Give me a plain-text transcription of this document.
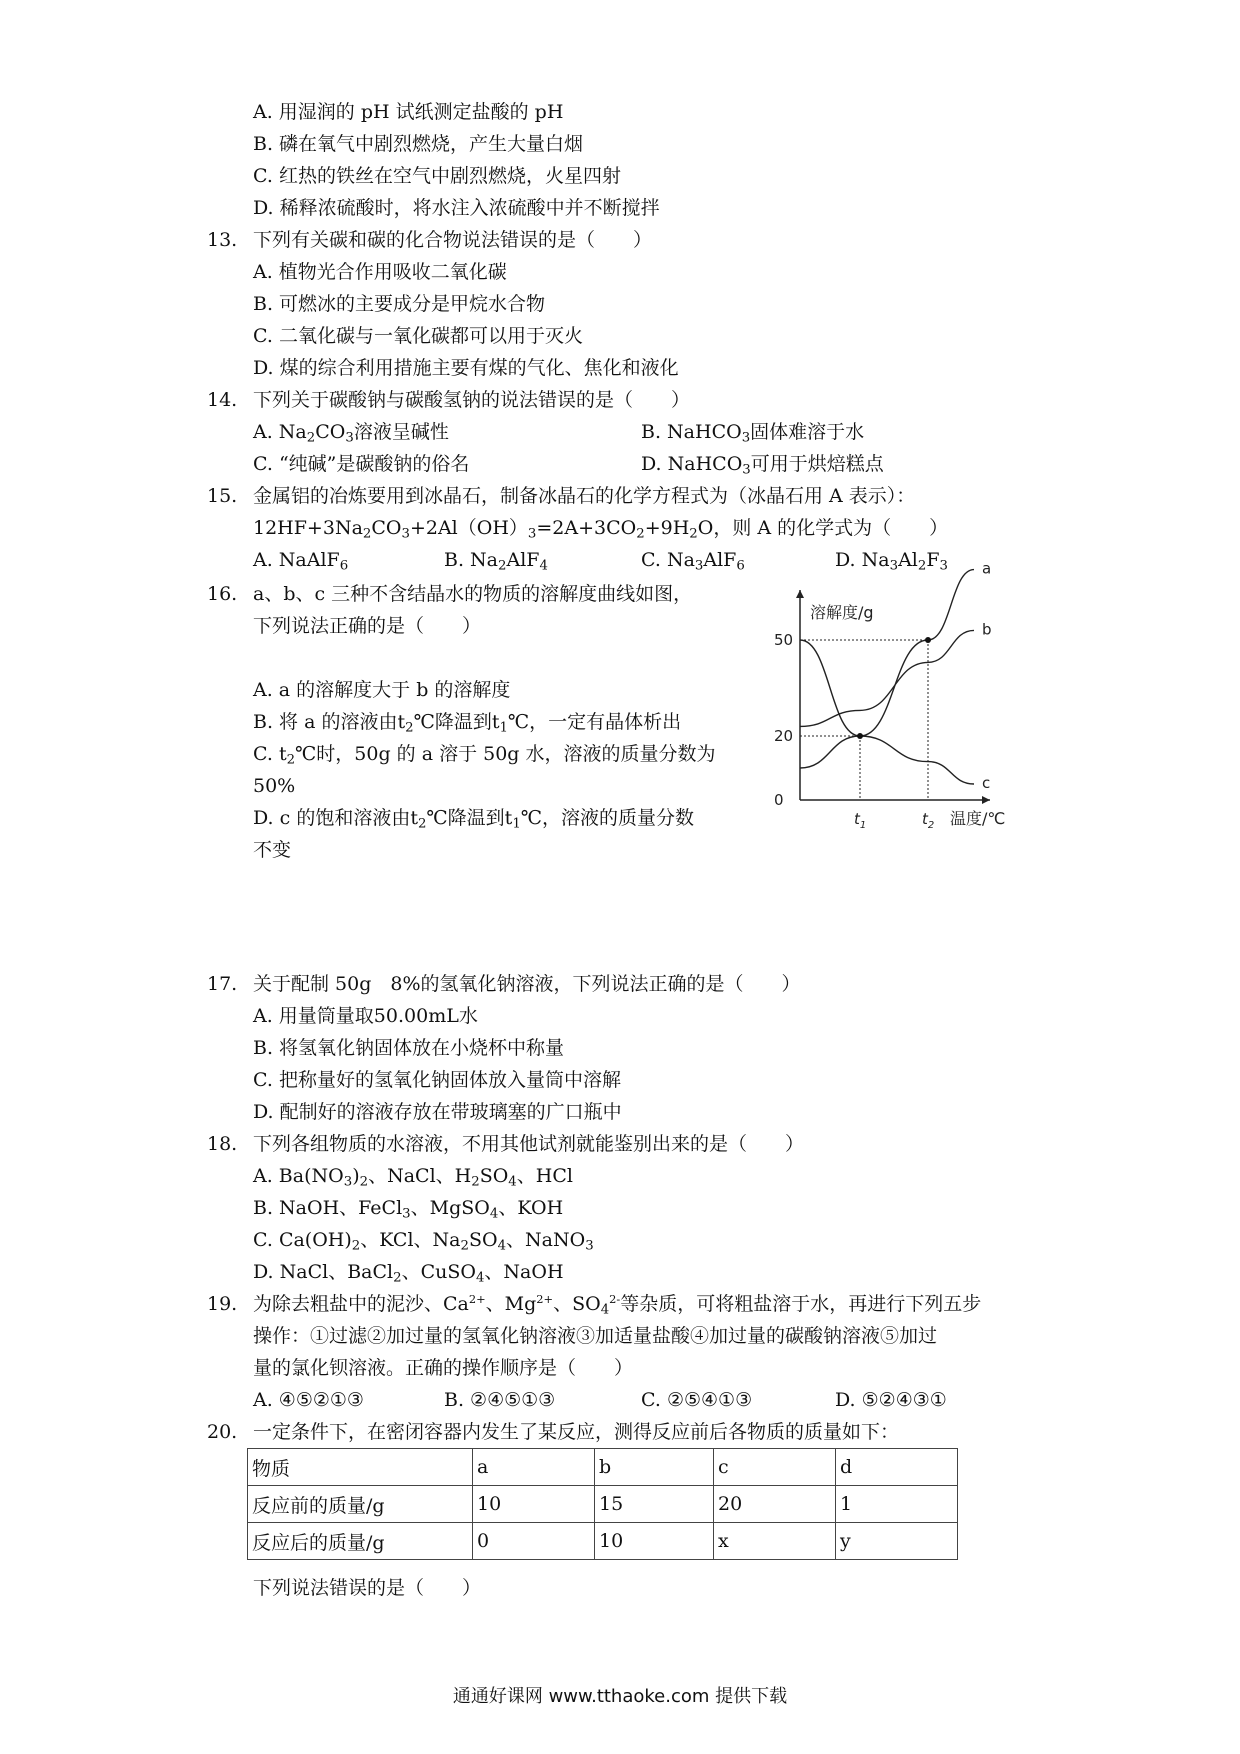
A. 用湿润的 pH 试纸测定盐酸的 pH
B. 磷在氧气中剧烈燃烧，产生大量白烟
C. 红热的铁丝在空气中剧烈燃烧，火星四射
D. 稀释浓硫酸时，将水注入浓硫酸中并不断搅拌
13. 下列有关碳和碳的化合物说法错误的是（　　）
A. 植物光合作用吸收二氧化碳
B. 可燃冰的主要成分是甲烷水合物
C. 二氧化碳与一氧化碳都可以用于灭火
D. 煤的综合利用措施主要有煤的气化、焦化和液化
14. 下列关于碳酸钠与碳酸氢钠的说法错误的是（　　）
A. $Na_2CO_3$溶液呈碱性	B. NaHCO$_3$固体难溶于水
C. “纯碱”是碳酸钠的俗名	D. NaHCO$_3$可用于烘焙糕点
15. 金属铝的冶炼要用到冰晶石，制备冰晶石的化学方程式为（冰晶石用 A 表示）：
$12HF+3Na_2CO_3+2Al(OH)_3=2A+3CO_2+9H_2O$，则 A 的化学式为（　　）
A. NaAlF$_6$	B. $Na_2AlF_4$	C. $Na_3AlF_6$	D. $Na_3Al_2F_3$
16. a、b、c 三种不含结晶水的物质的溶解度曲线如图，
下列说法正确的是（　　）
A. a 的溶解度大于 b 的溶解度
B. 将 a 的溶液由$t_2℃$降温到$t_1℃$，一定有晶体析出
C. $t_2℃$时，50g 的 a 溶于 50g 水，溶液的质量分数为
50%
D. c 的饱和溶液由$t_2℃$降温到$t_1℃$，溶液的质量分数
不变
a
b
c
50
20
0
$t_1$	$t_2$
溶解度/g
温度/℃
17. 关于配制 50g　8%的氢氧化钠溶液，下列说法正确的是（　　）
A. 用量筒量取50.00mL水
B. 将氢氧化钠固体放在小烧杯中称量
C. 把称量好的氢氧化钠固体放入量筒中溶解
D. 配制好的溶液存放在带玻璃塞的广口瓶中
18. 下列各组物质的水溶液，不用其他试剂就能鉴别出来的是（　　）
A. $Ba(NO_3)_2$、NaCl、$H_2SO_4$、HCl
B. NaOH、FeCl$_3$、MgSO$_4$、KOH
C. $Ca(OH)_2$、KCl、$Na_2SO_4$、NaNO$_3$
D. NaCl、BaCl$_2$、CuSO$_4$、NaOH
19. 为除去粗盐中的泥沙、$Ca^{2+}$、$Mg^{2+}$、$SO_4^{2-}$等杂质，可将粗盐溶于水，再进行下列五步
操作：①过滤②加过量的氢氧化钠溶液③加适量盐酸④加过量的碳酸钠溶液⑤加过
量的氯化钡溶液。正确的操作顺序是（　　）
A. ④⑤②①③	B. ②④⑤①③	C. ②⑤④①③	D. ⑤②④③①
20. 一定条件下，在密闭容器内发生了某反应，测得反应前后各物质的质量如下：
物质	a	b	c	d
反应前的质量/g	10	15	20	1
反应后的质量/g	0	10	x	y
下列说法错误的是（　　）
通通好课网 www.tthaoke.com 提供下载
